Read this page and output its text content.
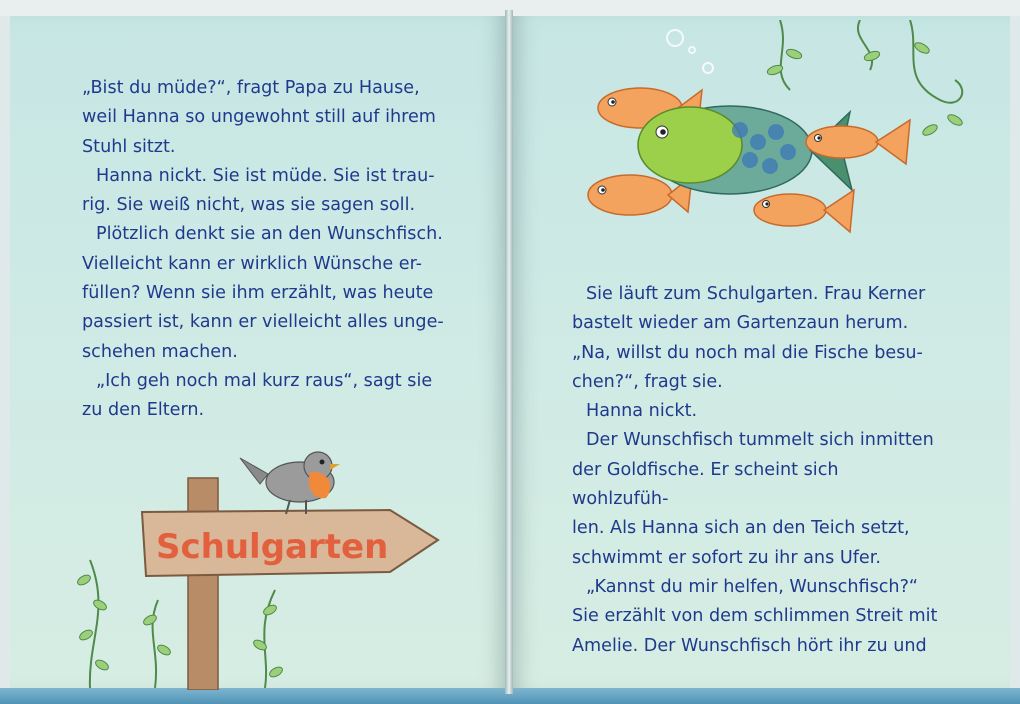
„Bist du müde?“, fragt Papa zu Hause,

weil Hanna so ungewohnt still auf ihrem

Stuhl sitzt.

Hanna nickt. Sie ist müde. Sie ist trau-

rig. Sie weiß nicht, was sie sagen soll.

Plötzlich denkt sie an den Wunschfisch.

Vielleicht kann er wirklich Wünsche er-

füllen? Wenn sie ihm erzählt, was heute

passiert ist, kann er vielleicht alles unge-

schehen machen.

„Ich geh noch mal kurz raus“, sagt sie

zu den Eltern.

Schulgarten

Sie läuft zum Schulgarten. Frau Kerner

bastelt wieder am Gartenzaun herum.

„Na, willst du noch mal die Fische besu-

chen?“, fragt sie.

Hanna nickt.

Der Wunschfisch tummelt sich inmitten

der Goldfische. Er scheint sich wohlzufüh-

len. Als Hanna sich an den Teich setzt,

schwimmt er sofort zu ihr ans Ufer.

„Kannst du mir helfen, Wunschfisch?“

Sie erzählt von dem schlimmen Streit mit

Amelie. Der Wunschfisch hört ihr zu und
